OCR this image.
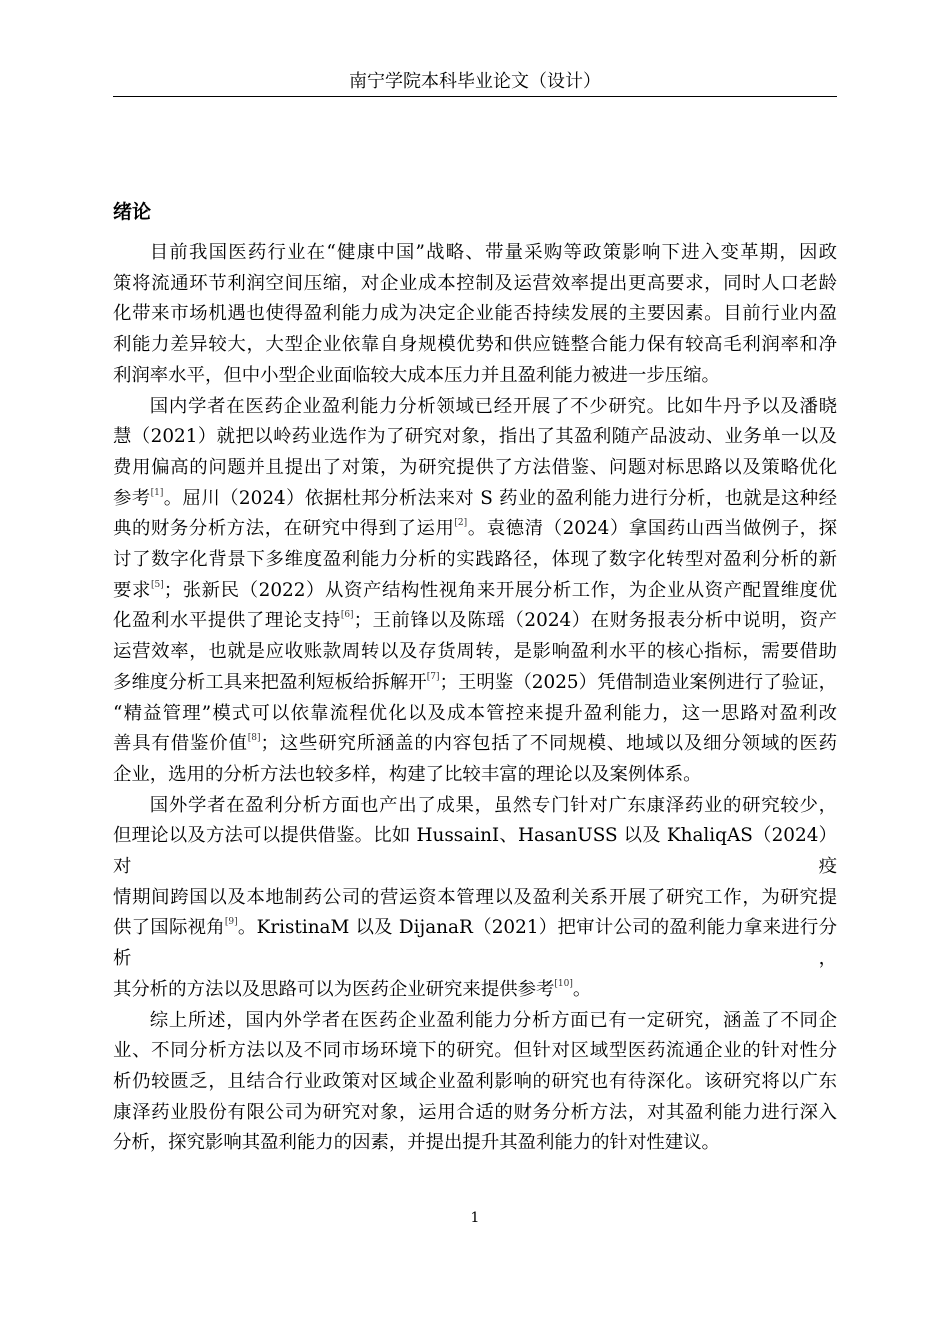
南宁学院本科毕业论文（设计）
绪论

目前我国医药行业在“健康中国”战略、带量采购等政策影响下进入变革期，因政

策将流通环节利润空间压缩，对企业成本控制及运营效率提出更高要求，同时人口老龄

化带来市场机遇也使得盈利能力成为决定企业能否持续发展的主要因素。目前行业内盈

利能力差异较大，大型企业依靠自身规模优势和供应链整合能力保有较高毛利润率和净

利润率水平，但中小型企业面临较大成本压力并且盈利能力被进一步压缩。

国内学者在医药企业盈利能力分析领域已经开展了不少研究。比如牛丹予以及潘晓

慧（2021）就把以岭药业选作为了研究对象，指出了其盈利随产品波动、业务单一以及

费用偏高的问题并且提出了对策，为研究提供了方法借鉴、问题对标思路以及策略优化

参考[1]。屈川（2024）依据杜邦分析法来对 S 药业的盈利能力进行分析，也就是这种经

典的财务分析方法，在研究中得到了运用[2]。袁德清（2024）拿国药山西当做例子，探

讨了数字化背景下多维度盈利能力分析的实践路径，体现了数字化转型对盈利分析的新

要求[5]；张新民（2022）从资产结构性视角来开展分析工作，为企业从资产配置维度优

化盈利水平提供了理论支持[6]；王前锋以及陈瑶（2024）在财务报表分析中说明，资产

运营效率，也就是应收账款周转以及存货周转，是影响盈利水平的核心指标，需要借助

多维度分析工具来把盈利短板给拆解开[7]；王明鉴（2025）凭借制造业案例进行了验证，

“精益管理”模式可以依靠流程优化以及成本管控来提升盈利能力，这一思路对盈利改

善具有借鉴价值[8]；这些研究所涵盖的内容包括了不同规模、地域以及细分领域的医药

企业，选用的分析方法也较多样，构建了比较丰富的理论以及案例体系。

国外学者在盈利分析方面也产出了成果，虽然专门针对广东康泽药业的研究较少，

但理论以及方法可以提供借鉴。比如 HussainI、HasanUSS 以及 KhaliqAS（2024）对疫

情期间跨国以及本地制药公司的营运资本管理以及盈利关系开展了研究工作，为研究提

供了国际视角[9]。KristinaM 以及 DijanaR（2021）把审计公司的盈利能力拿来进行分析，

其分析的方法以及思路可以为医药企业研究来提供参考[10]。

综上所述，国内外学者在医药企业盈利能力分析方面已有一定研究，涵盖了不同企

业、不同分析方法以及不同市场环境下的研究。但针对区域型医药流通企业的针对性分

析仍较匮乏，且结合行业政策对区域企业盈利影响的研究也有待深化。该研究将以广东

康泽药业股份有限公司为研究对象，运用合适的财务分析方法，对其盈利能力进行深入

分析，探究影响其盈利能力的因素，并提出提升其盈利能力的针对性建议。

1
